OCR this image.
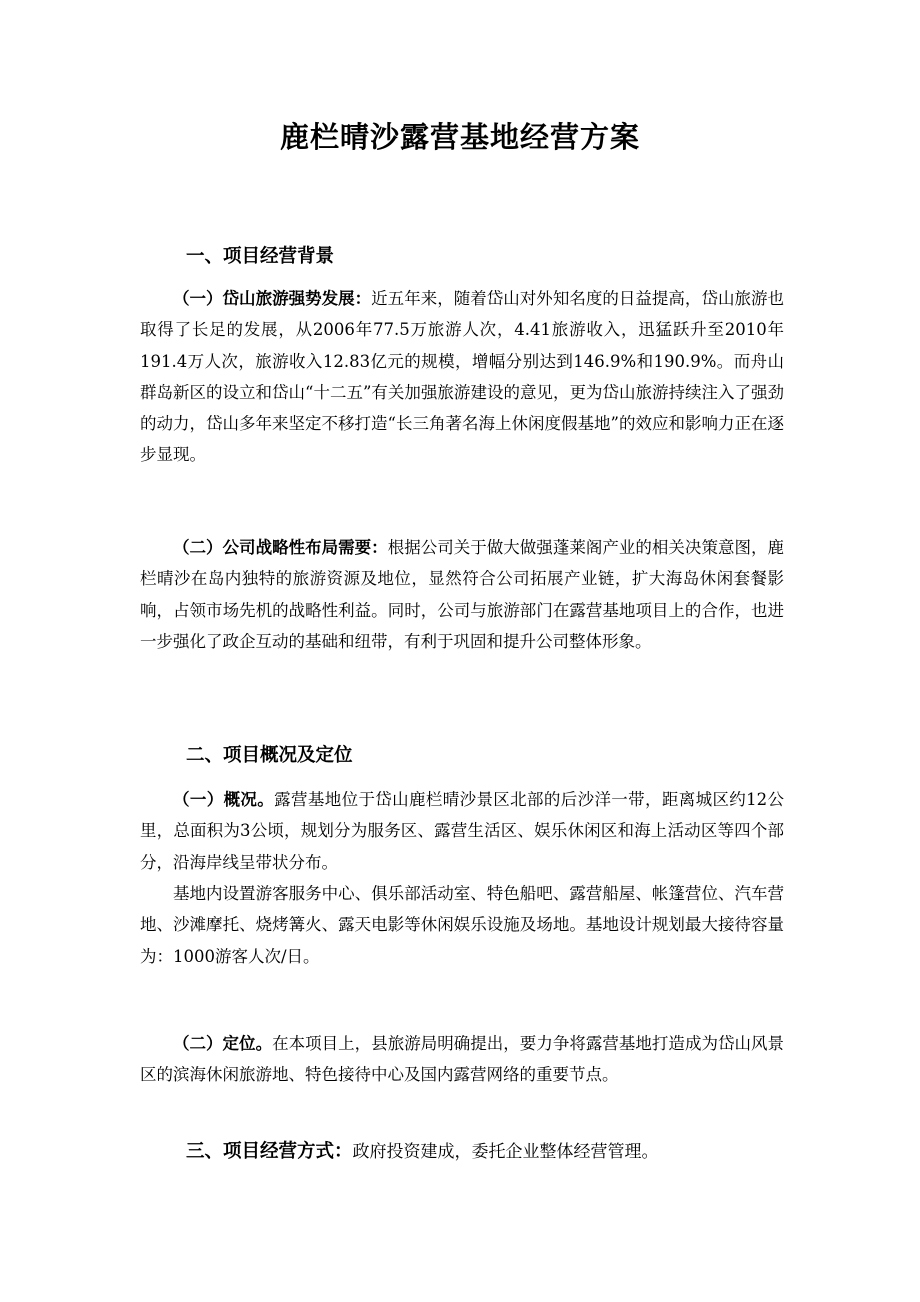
鹿栏晴沙露营基地经营方案
一、项目经营背景

（一）岱山旅游强势发展：近五年来，随着岱山对外知名度的日益提高，岱山旅游也取得了长足的发展，从2006年77.5万旅游人次，4.41旅游收入，迅猛跃升至2010年191.4万人次，旅游收入12.83亿元的规模，增幅分别达到146.9%和190.9%。而舟山群岛新区的设立和岱山“十二五”有关加强旅游建设的意见，更为岱山旅游持续注入了强劲的动力，岱山多年来坚定不移打造“长三角著名海上休闲度假基地”的效应和影响力正在逐步显现。

（二）公司战略性布局需要：根据公司关于做大做强蓬莱阁产业的相关决策意图，鹿栏晴沙在岛内独特的旅游资源及地位，显然符合公司拓展产业链，扩大海岛休闲套餐影响，占领市场先机的战略性利益。同时，公司与旅游部门在露营基地项目上的合作，也进一步强化了政企互动的基础和纽带，有利于巩固和提升公司整体形象。

二、项目概况及定位

（一）概况。露营基地位于岱山鹿栏晴沙景区北部的后沙洋一带，距离城区约12公里，总面积为3公顷，规划分为服务区、露营生活区、娱乐休闲区和海上活动区等四个部分，沿海岸线呈带状分布。

基地内设置游客服务中心、俱乐部活动室、特色船吧、露营船屋、帐篷营位、汽车营地、沙滩摩托、烧烤篝火、露天电影等休闲娱乐设施及场地。基地设计规划最大接待容量为：1000游客人次/日。

（二）定位。在本项目上，县旅游局明确提出，要力争将露营基地打造成为岱山风景区的滨海休闲旅游地、特色接待中心及国内露营网络的重要节点。

三、项目经营方式：政府投资建成，委托企业整体经营管理。
